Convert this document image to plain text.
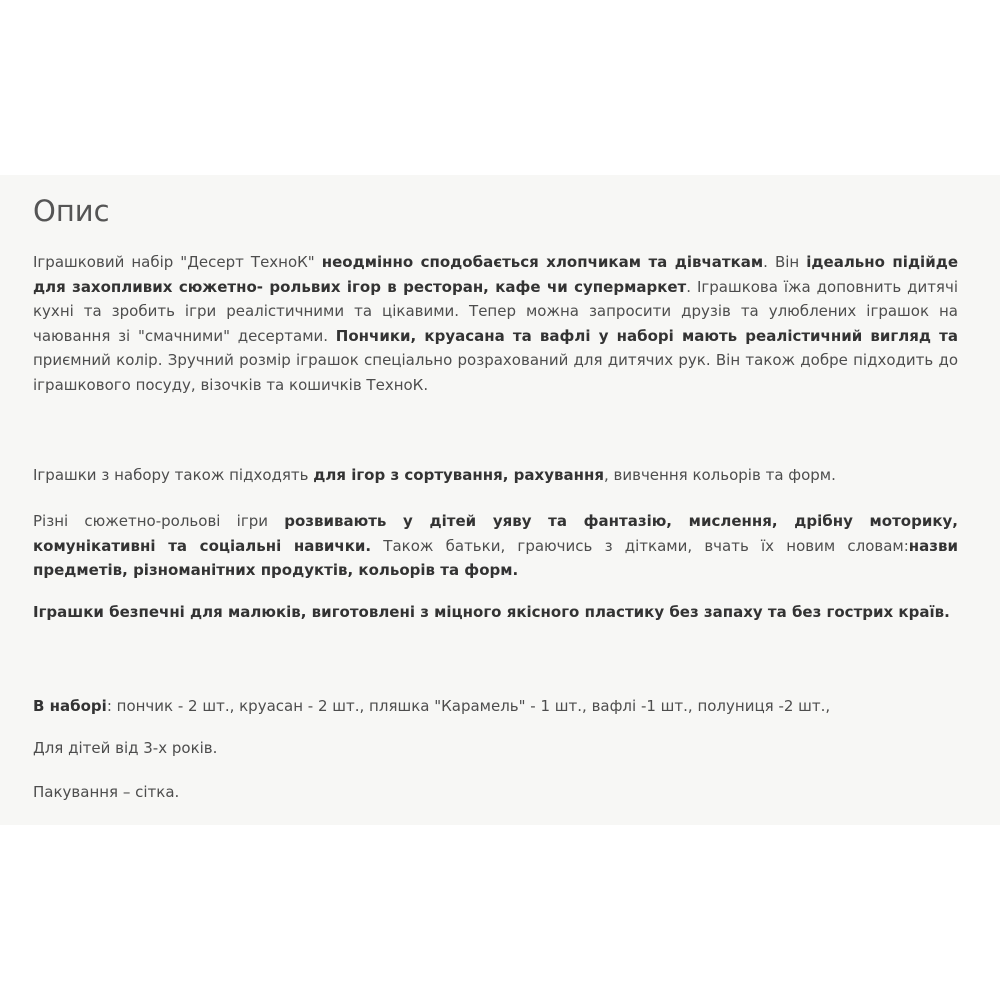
Опис

Іграшковий набір "Десерт ТехноК" неодмінно сподобається хлопчикам та дівчаткам. Він ідеально підійде для захопливих сюжетно- рольвих ігор в ресторан, кафе чи супермаркет. Іграшкова їжа доповнить дитячі кухні та зробить ігри реалістичними та цікавими. Тепер можна запросити друзів та улюблених іграшок на чаювання зі "смачними" десертами. Пончики, круасана та вафлі у наборі мають реалістичний вигляд та приємний колір. Зручний розмір іграшок спеціально розрахований для дитячих рук. Він також добре підходить до іграшкового посуду, візочків та кошичків ТехноК.

Іграшки з набору також підходять для ігор з сортування, рахування, вивчення кольорів та форм.

Різні сюжетно-рольові ігри розвивають у дітей уяву та фантазію, мислення, дрібну моторику, комунікативні та соціальні навички. Також батьки, граючись з дітками, вчать їх новим словам:назви предметів, різноманітних продуктів, кольорів та форм.

Іграшки безпечні для малюків, виготовлені з міцного якісного пластику без запаху та без гострих країв.

В наборі: пончик - 2 шт., круасан - 2 шт., пляшка "Карамель" - 1 шт., вафлі -1 шт., полуниця -2 шт.,

Для дітей від 3-х років.

Пакування – сітка.
